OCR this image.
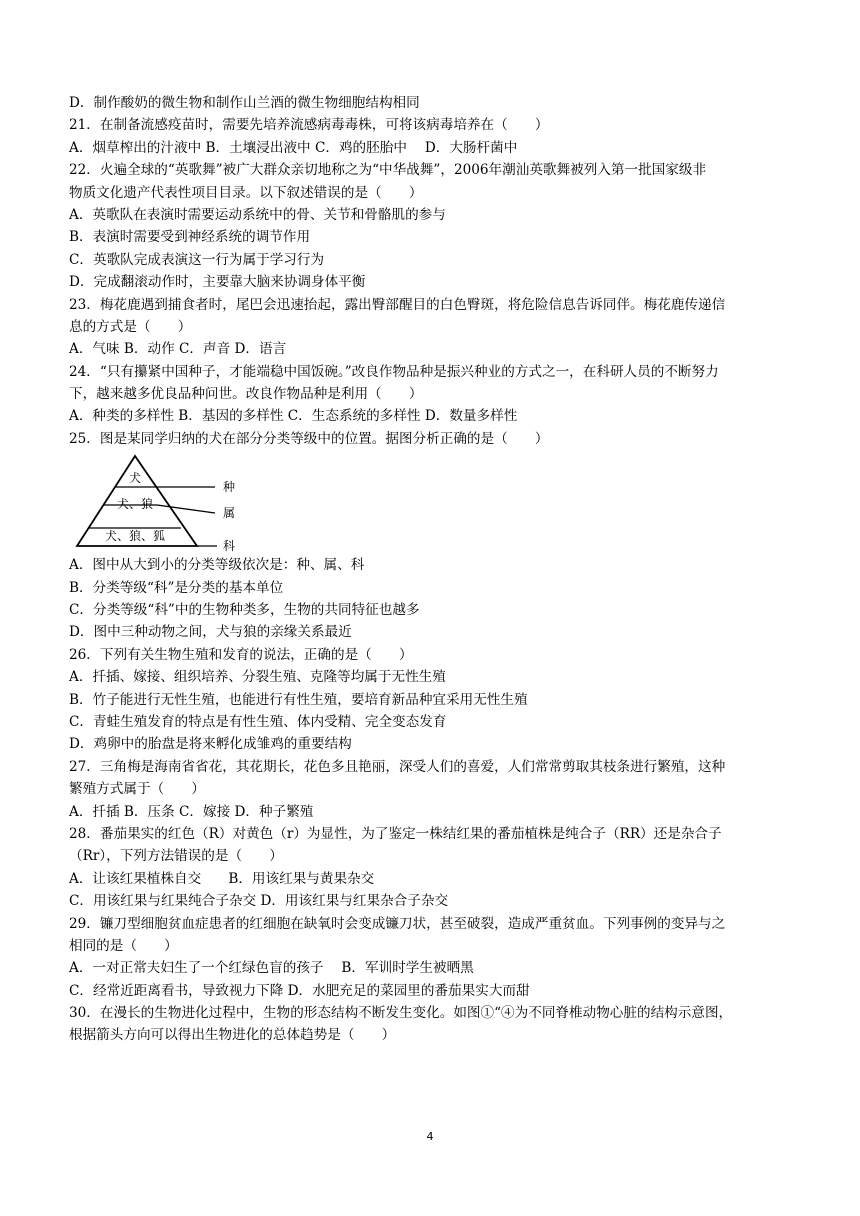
D．制作酸奶的微生物和制作山兰酒的微生物细胞结构相同
21．在制备流感疫苗时，需要先培养流感病毒毒株，可将该病毒培养在（　　）
A．烟草榨出的汁液中 B．土壤浸出液中 C．鸡的胚胎中　 D．大肠杆菌中
22．火遍全球的“英歌舞”被广大群众亲切地称之为“中华战舞”，2006年潮汕英歌舞被列入第一批国家级非
物质文化遗产代表性项目目录。以下叙述错误的是（　　）
A．英歌队在表演时需要运动系统中的骨、关节和骨骼肌的参与
B．表演时需要受到神经系统的调节作用
C．英歌队完成表演这一行为属于学习行为
D．完成翻滚动作时，主要靠大脑来协调身体平衡
23．梅花鹿遇到捕食者时，尾巴会迅速抬起，露出臀部醒目的白色臀斑，将危险信息告诉同伴。梅花鹿传递信
息的方式是（　　）
A．气味 B．动作 C．声音 D．语言
24．“只有攥紧中国种子，才能端稳中国饭碗。”改良作物品种是振兴种业的方式之一，在科研人员的不断努力
下，越来越多优良品种问世。改良作物品种是利用（　　）
A．种类的多样性 B．基因的多样性 C．生态系统的多样性 D．数量多样性
25．图是某同学归纳的犬在部分分类等级中的位置。据图分析正确的是（　　）
犬
犬、狼
犬、狼、狐
种
属
科
A．图中从大到小的分类等级依次是：种、属、科
B．分类等级“科”是分类的基本单位
C．分类等级“科”中的生物种类多，生物的共同特征也越多
D．图中三种动物之间，犬与狼的亲缘关系最近
26．下列有关生物生殖和发育的说法，正确的是（　　）
A．扦插、嫁接、组织培养、分裂生殖、克隆等均属于无性生殖
B．竹子能进行无性生殖，也能进行有性生殖，要培育新品种宜采用无性生殖
C．青蛙生殖发育的特点是有性生殖、体内受精、完全变态发育
D．鸡卵中的胎盘是将来孵化成雏鸡的重要结构
27．三角梅是海南省省花，其花期长，花色多且艳丽，深受人们的喜爱，人们常常剪取其枝条进行繁殖，这种
繁殖方式属于（　　）
A．扦插 B．压条 C．嫁接 D．种子繁殖
28．番茄果实的红色（R）对黄色（r）为显性，为了鉴定一株结红果的番茄植株是纯合子（RR）还是杂合子
（Rr），下列方法错误的是（　　）
A．让该红果植株自交　　B．用该红果与黄果杂交
C．用该红果与红果纯合子杂交 D．用该红果与红果杂合子杂交
29．镰刀型细胞贫血症患者的红细胞在缺氧时会变成镰刀状，甚至破裂，造成严重贫血。下列事例的变异与之
相同的是（　　）
A．一对正常夫妇生了一个红绿色盲的孩子　 B．军训时学生被晒黑
C．经常近距离看书，导致视力下降 D．水肥充足的菜园里的番茄果实大而甜
30．在漫长的生物进化过程中，生物的形态结构不断发生变化。如图①“④为不同脊椎动物心脏的结构示意图，
根据箭头方向可以得出生物进化的总体趋势是（　　）
4
